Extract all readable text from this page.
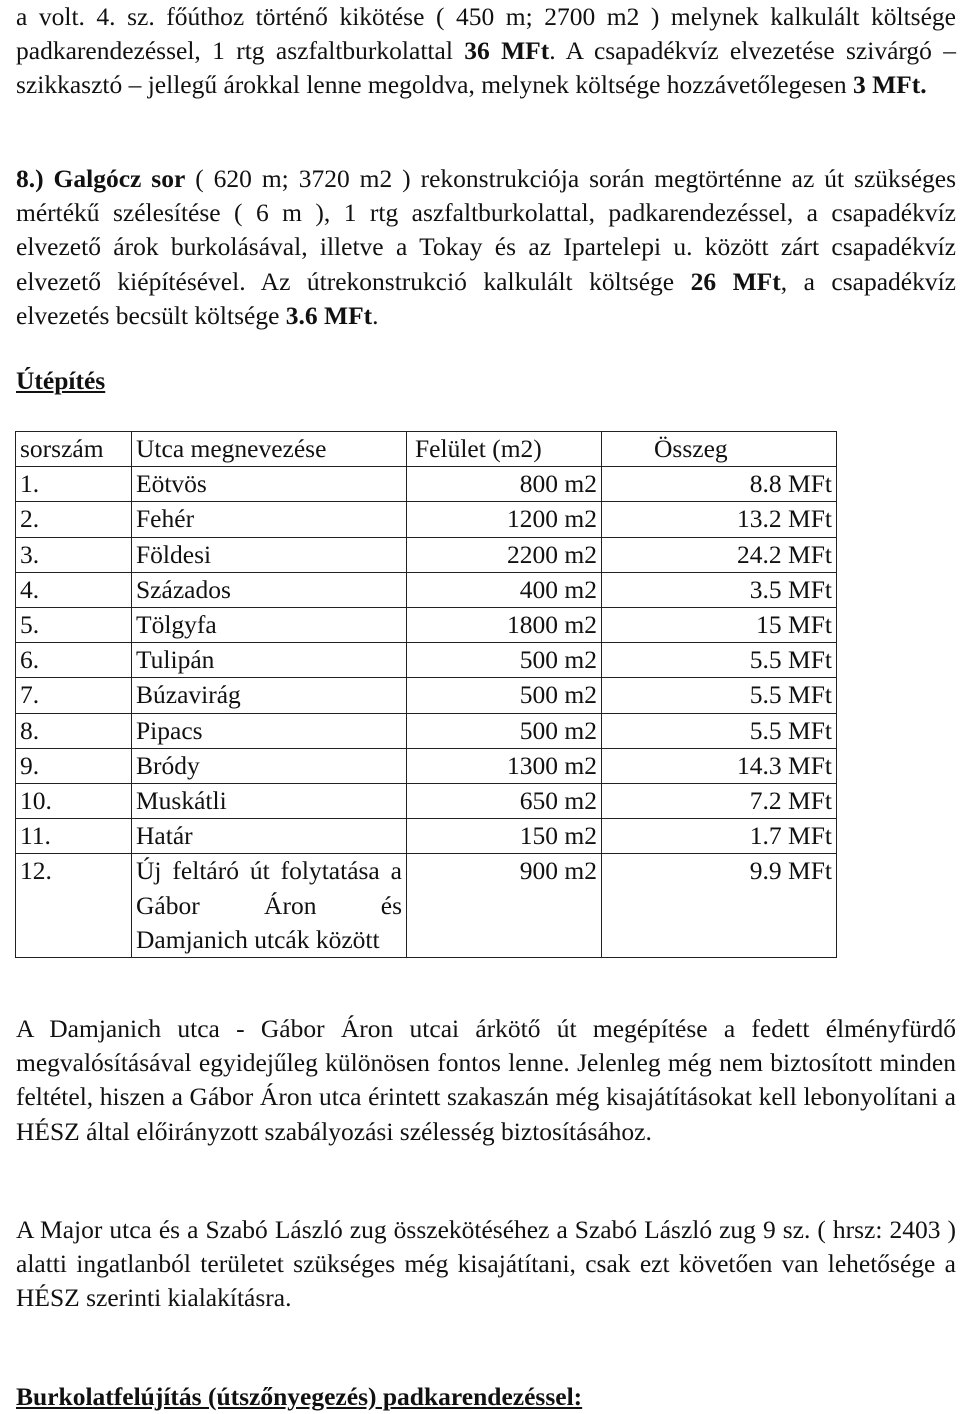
a volt. 4. sz. főúthoz történő kikötése ( 450 m; 2700 m2 ) melynek kalkulált költsége padkarendezéssel, 1 rtg aszfaltburkolattal 36 MFt. A csapadékvíz elvezetése szivárgó – szikkasztó – jellegű árokkal lenne megoldva, melynek költsége hozzávetőlegesen 3 MFt.

8.) Galgócz sor ( 620 m; 3720 m2 ) rekonstrukciója során megtörténne az út szükséges mértékű szélesítése ( 6 m ), 1 rtg aszfaltburkolattal, padkarendezéssel, a csapadékvíz elvezető árok burkolásával, illetve a Tokay és az Ipartelepi u. között zárt csapadékvíz elvezető kiépítésével. Az útrekonstrukció kalkulált költsége 26 MFt, a csapadékvíz elvezetés becsült költsége 3.6 MFt.

Útépítés

sorszám	Utca megnevezése	Felület (m2)	Összeg
1.	Eötvös	800 m2	8.8 MFt
2.	Fehér	1200 m2	13.2 MFt
3.	Földesi	2200 m2	24.2 MFt
4.	Százados	400 m2	3.5 MFt
5.	Tölgyfa	1800 m2	15 MFt
6.	Tulipán	500 m2	5.5 MFt
7.	Búzavirág	500 m2	5.5 MFt
8.	Pipacs	500 m2	5.5 MFt
9.	Bródy	1300 m2	14.3 MFt
10.	Muskátli	650 m2	7.2 MFt
11.	Határ	150 m2	1.7 MFt
12.	Új feltáró út folytatása a Gábor Áron és Damjanich utcák között	900 m2	9.9 MFt

A Damjanich utca - Gábor Áron utcai árkötő út megépítése a fedett élményfürdő megvalósításával egyidejűleg különösen fontos lenne. Jelenleg még nem biztosított minden feltétel, hiszen a Gábor Áron utca érintett szakaszán még kisajátításokat kell lebonyolítani a HÉSZ által előirányzott szabályozási szélesség biztosításához.

A Major utca és a Szabó László zug összekötéséhez a Szabó László zug 9 sz. ( hrsz: 2403 ) alatti ingatlanból területet szükséges még kisajátítani, csak ezt követően van lehetősége a HÉSZ szerinti kialakításra.

Burkolatfelújítás (útszőnyegezés) padkarendezéssel:
